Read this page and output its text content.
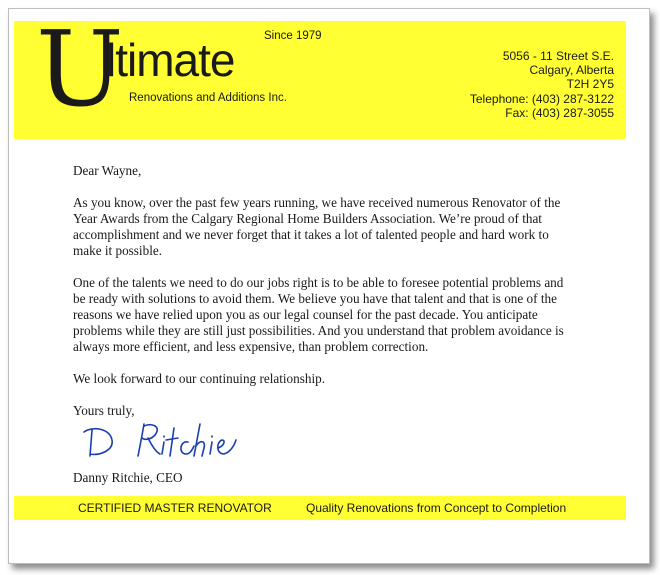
U
ltimate	Since 1979
Renovations and Additions Inc.
5056 - 11 Street S.E.
Calgary, Alberta
T2H 2Y5
Telephone: (403) 287-3122
Fax: (403) 287-3055

Dear Wayne,

As you know, over the past few years running, we have received numerous Renovator of the Year Awards from the Calgary Regional Home Builders Association. We’re proud of that accomplishment and we never forget that it takes a lot of talented people and hard work to make it possible.

One of the talents we need to do our jobs right is to be able to foresee potential problems and be ready with solutions to avoid them. We believe you have that talent and that is one of the reasons we have relied upon you as our legal counsel for the past decade. You anticipate problems while they are still just possibilities. And you understand that problem avoidance is always more efficient, and less expensive, than problem correction.

We look forward to our continuing relationship.

Yours truly,

Danny Ritchie, CEO
CERTIFIED MASTER RENOVATOR	Quality Renovations from Concept to Completion
